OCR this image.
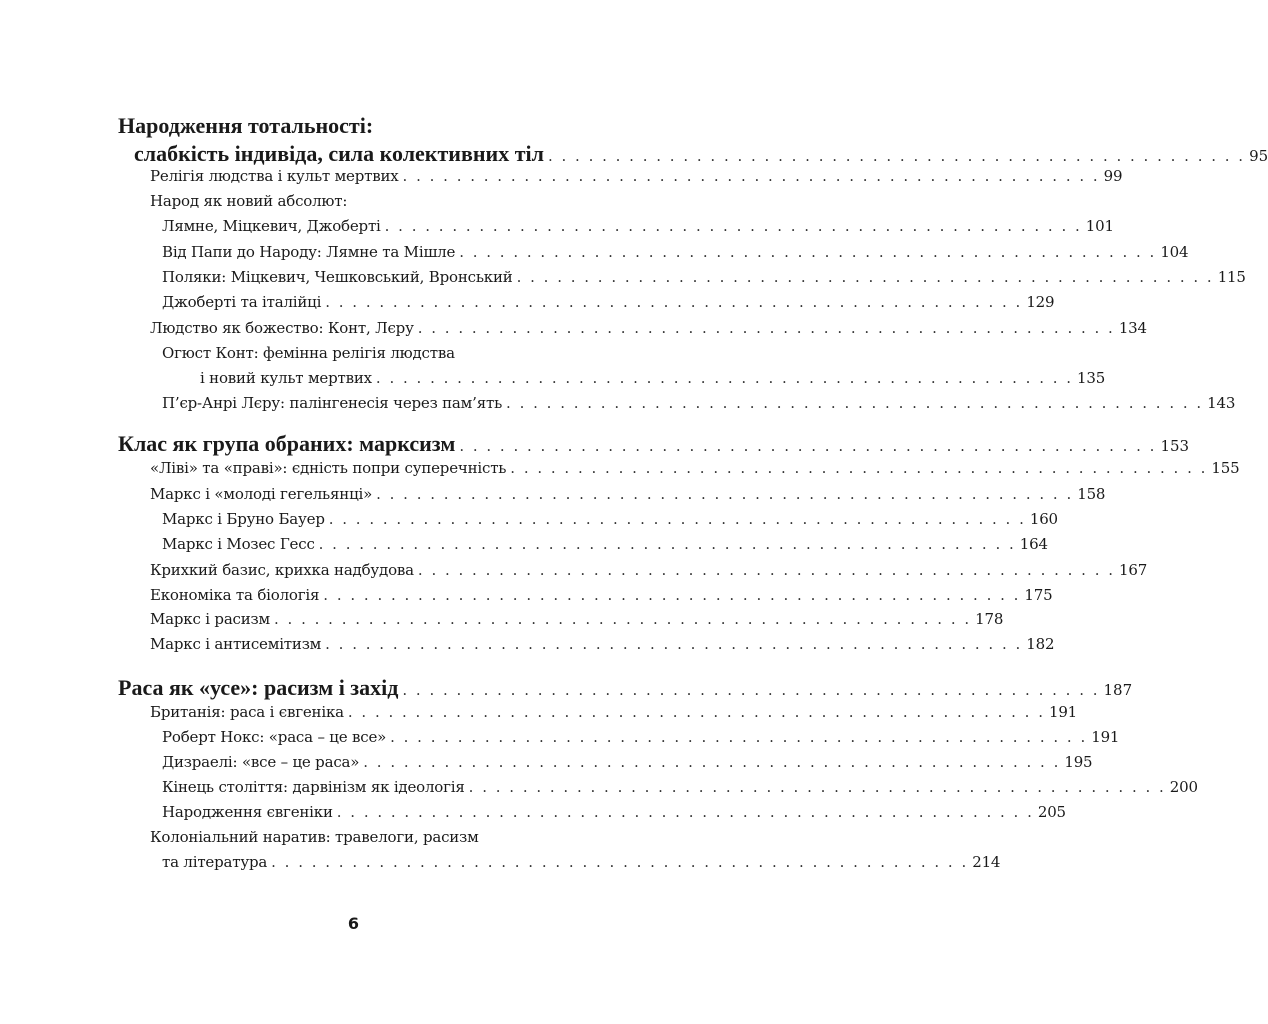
Народження тотальності:
слабкість індивіда, сила колективних тіл . . . . . . . . . . . . . . . . . . . . . . . . . . . . . . . . . . . . . . . . . . . . . . . . . . . . 95
Релігія людства і культ мертвих . . . . . . . . . . . . . . . . . . . . . . . . . . . . . . . . . . . . . . . . . . . . . . . . . . . . 99
Народ як новий абсолют:
Лямне, Міцкевич, Джоберті . . . . . . . . . . . . . . . . . . . . . . . . . . . . . . . . . . . . . . . . . . . . . . . . . . . . 101
Від Папи до Народу: Лямне та Мішле . . . . . . . . . . . . . . . . . . . . . . . . . . . . . . . . . . . . . . . . . . . . . . . . . . . . 104
Поляки: Міцкевич, Чешковський, Вронський . . . . . . . . . . . . . . . . . . . . . . . . . . . . . . . . . . . . . . . . . . . . . . . . . . . . 115
Джоберті та італійці . . . . . . . . . . . . . . . . . . . . . . . . . . . . . . . . . . . . . . . . . . . . . . . . . . . . 129
Людство як божество: Конт, Лєру . . . . . . . . . . . . . . . . . . . . . . . . . . . . . . . . . . . . . . . . . . . . . . . . . . . . 134
Огюст Конт: фемінна релігія людства
і новий культ мертвих . . . . . . . . . . . . . . . . . . . . . . . . . . . . . . . . . . . . . . . . . . . . . . . . . . . . 135
П’єр-Анрі Лєру: палінгенесія через пам’ять . . . . . . . . . . . . . . . . . . . . . . . . . . . . . . . . . . . . . . . . . . . . . . . . . . . . 143
Клас як група обраних: марксизм . . . . . . . . . . . . . . . . . . . . . . . . . . . . . . . . . . . . . . . . . . . . . . . . . . . . 153
«Ліві» та «праві»: єдність попри суперечність . . . . . . . . . . . . . . . . . . . . . . . . . . . . . . . . . . . . . . . . . . . . . . . . . . . . 155
Маркс і «молоді гегельянці» . . . . . . . . . . . . . . . . . . . . . . . . . . . . . . . . . . . . . . . . . . . . . . . . . . . . 158
Маркс і Бруно Бауер . . . . . . . . . . . . . . . . . . . . . . . . . . . . . . . . . . . . . . . . . . . . . . . . . . . . 160
Маркс і Мозес Гесс . . . . . . . . . . . . . . . . . . . . . . . . . . . . . . . . . . . . . . . . . . . . . . . . . . . . 164
Крихкий базис, крихка надбудова . . . . . . . . . . . . . . . . . . . . . . . . . . . . . . . . . . . . . . . . . . . . . . . . . . . . 167
Економіка та біологія . . . . . . . . . . . . . . . . . . . . . . . . . . . . . . . . . . . . . . . . . . . . . . . . . . . . 175
Маркс і расизм . . . . . . . . . . . . . . . . . . . . . . . . . . . . . . . . . . . . . . . . . . . . . . . . . . . . 178
Маркс і антисемітизм . . . . . . . . . . . . . . . . . . . . . . . . . . . . . . . . . . . . . . . . . . . . . . . . . . . . 182
Раса як «усе»: расизм і захід . . . . . . . . . . . . . . . . . . . . . . . . . . . . . . . . . . . . . . . . . . . . . . . . . . . . 187
Британія: раса і євгеніка . . . . . . . . . . . . . . . . . . . . . . . . . . . . . . . . . . . . . . . . . . . . . . . . . . . . 191
Роберт Нокс: «раса – це все» . . . . . . . . . . . . . . . . . . . . . . . . . . . . . . . . . . . . . . . . . . . . . . . . . . . . 191
Дизраелі: «все – це раса» . . . . . . . . . . . . . . . . . . . . . . . . . . . . . . . . . . . . . . . . . . . . . . . . . . . . 195
Кінець століття: дарвінізм як ідеологія . . . . . . . . . . . . . . . . . . . . . . . . . . . . . . . . . . . . . . . . . . . . . . . . . . . . 200
Народження євгеніки . . . . . . . . . . . . . . . . . . . . . . . . . . . . . . . . . . . . . . . . . . . . . . . . . . . . 205
Колоніальний наратив: травелоги, расизм
та література . . . . . . . . . . . . . . . . . . . . . . . . . . . . . . . . . . . . . . . . . . . . . . . . . . . . 214
6
